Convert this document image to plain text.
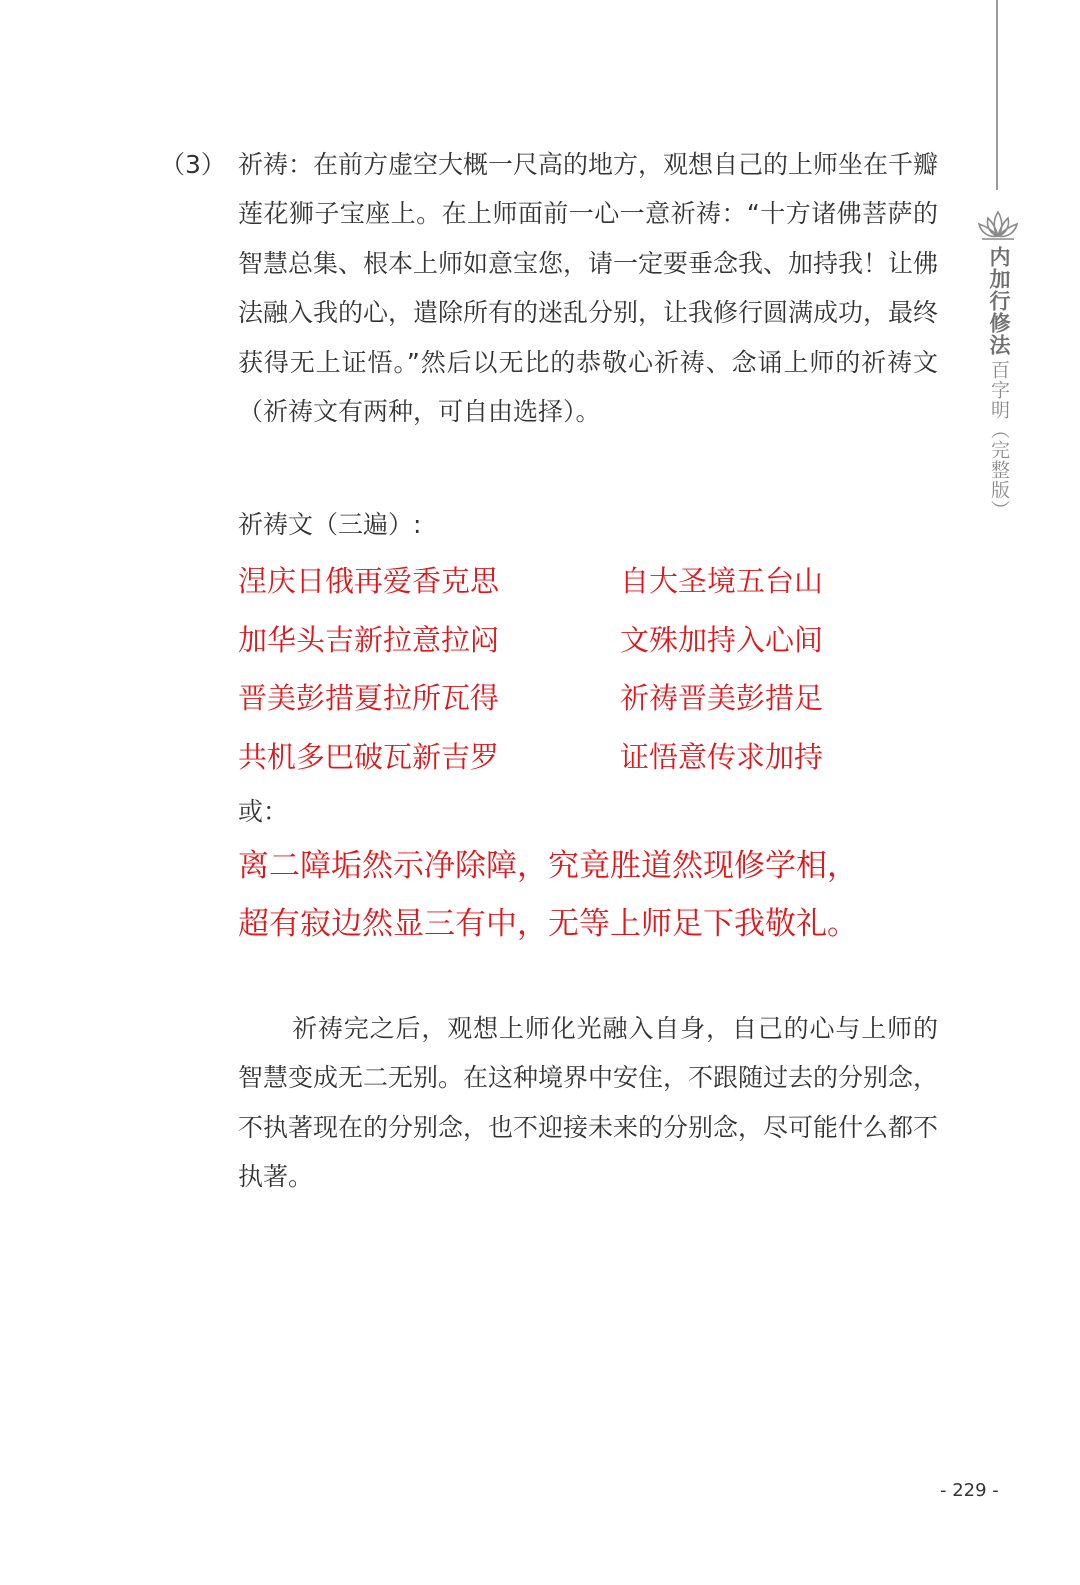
内加行修法
百字明（完整版）
（3） 祈祷：在前方虚空大概一尺高的地方，观想自己的上师坐在千瓣莲花狮子宝座上。在上师面前一心一意祈祷：“十方诸佛菩萨的智慧总集、根本上师如意宝您，请一定要垂念我、加持我！让佛法融入我的心，遣除所有的迷乱分别，让我修行圆满成功，最终获得无上证悟。”然后以无比的恭敬心祈祷、念诵上师的祈祷文（祈祷文有两种，可自由选择）。

祈祷文（三遍）:
涅庆日俄再爱香克思
加华头吉新拉意拉闷
晋美彭措夏拉所瓦得
共机多巴破瓦新吉罗
自大圣境五台山
文殊加持入心间
祈祷晋美彭措足
证悟意传求加持
或：
离二障垢然示净除障，究竟胜道然现修学相，
超有寂边然显三有中，无等上师足下我敬礼。

祈祷完之后，观想上师化光融入自身，自己的心与上师的智慧变成无二无别。在这种境界中安住，不跟随过去的分别念，不执著现在的分别念，也不迎接未来的分别念，尽可能什么都不执著。

- 229 -
